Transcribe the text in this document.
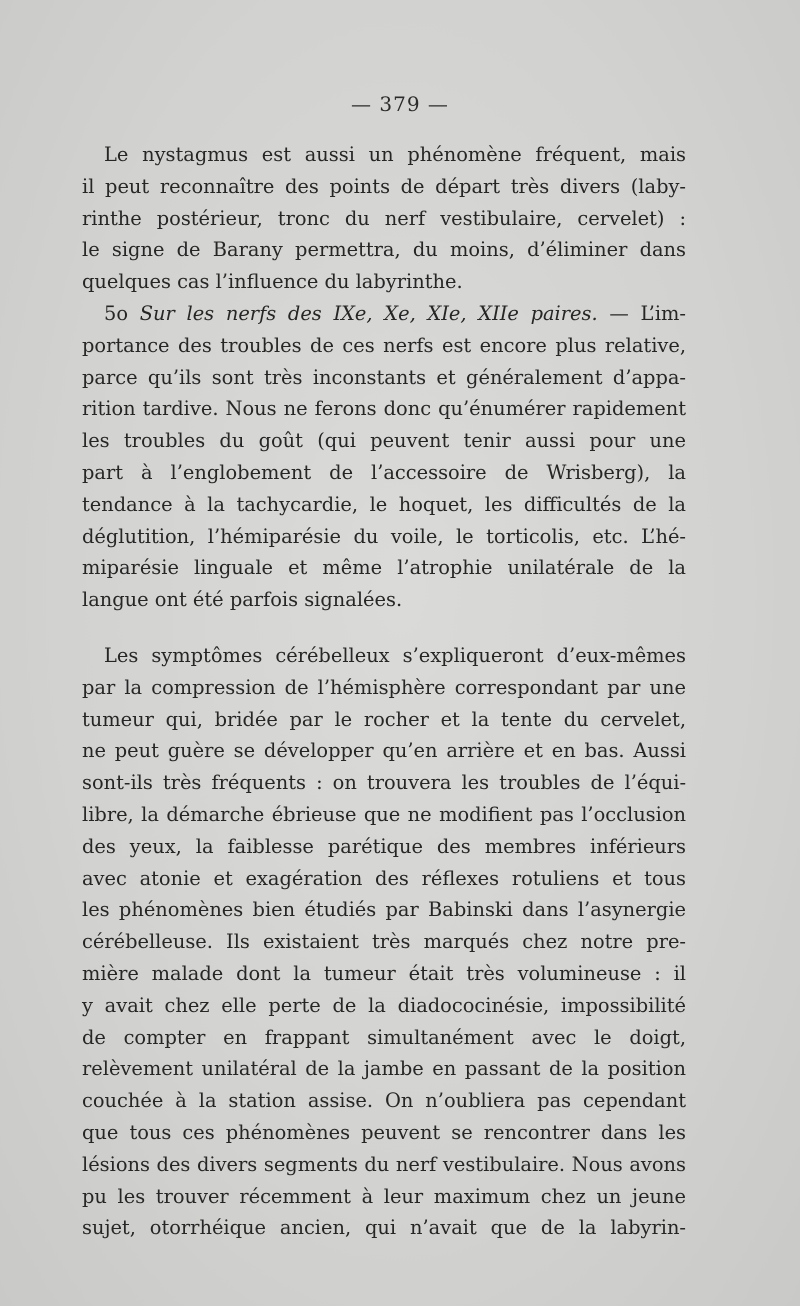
— 379 —
Le nystagmus est aussi un phénomène fréquent, mais
il peut reconnaître des points de départ très divers (laby-
rinthe postérieur, tronc du nerf vestibulaire, cervelet) :
le signe de Barany permettra, du moins, d’éliminer dans
quelques cas l’influence du labyrinthe.
5o Sur les nerfs des IXe, Xe, XIe, XIIe paires. — L’im-
portance des troubles de ces nerfs est encore plus relative,
parce qu’ils sont très inconstants et généralement d’appa-
rition tardive. Nous ne ferons donc qu’énumérer rapidement
les troubles du goût (qui peuvent tenir aussi pour une
part à l’englobement de l’accessoire de Wrisberg), la
tendance à la tachycardie, le hoquet, les difficultés de la
déglutition, l’hémiparésie du voile, le torticolis, etc. L’hé-
miparésie linguale et même l’atrophie unilatérale de la
langue ont été parfois signalées.
Les symptômes cérébelleux s’expliqueront d’eux-mêmes
par la compression de l’hémisphère correspondant par une
tumeur qui, bridée par le rocher et la tente du cervelet,
ne peut guère se développer qu’en arrière et en bas. Aussi
sont-ils très fréquents : on trouvera les troubles de l’équi-
libre, la démarche ébrieuse que ne modifient pas l’occlusion
des yeux, la faiblesse parétique des membres inférieurs
avec atonie et exagération des réflexes rotuliens et tous
les phénomènes bien étudiés par Babinski dans l’asynergie
cérébelleuse. Ils existaient très marqués chez notre pre-
mière malade dont la tumeur était très volumineuse : il
y avait chez elle perte de la diadococinésie, impossibilité
de compter en frappant simultanément avec le doigt,
relèvement unilatéral de la jambe en passant de la position
couchée à la station assise. On n’oubliera pas cependant
que tous ces phénomènes peuvent se rencontrer dans les
lésions des divers segments du nerf vestibulaire. Nous avons
pu les trouver récemment à leur maximum chez un jeune
sujet, otorrhéique ancien, qui n’avait que de la labyrin-
